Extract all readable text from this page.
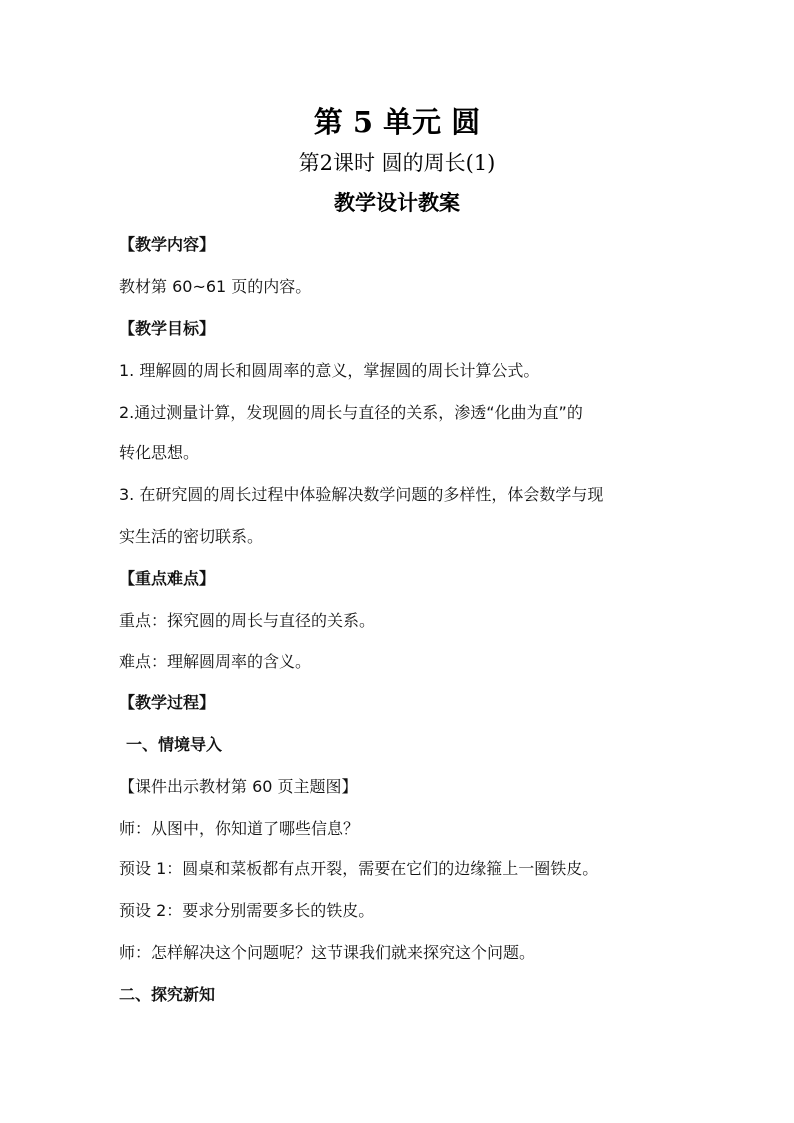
第 5 单元 圆
第2课时 圆的周长(1)
教学设计教案
【教学内容】
教材第 60~61 页的内容。
【教学目标】
1. 理解圆的周长和圆周率的意义，掌握圆的周长计算公式。
2.通过测量计算，发现圆的周长与直径的关系，渗透“化曲为直”的
转化思想。
3. 在研究圆的周长过程中体验解决数学问题的多样性，体会数学与现
实生活的密切联系。
【重点难点】
重点：探究圆的周长与直径的关系。
难点：理解圆周率的含义。
【教学过程】
一、情境导入
【课件出示教材第 60 页主题图】
师：从图中，你知道了哪些信息？
预设 1：圆桌和菜板都有点开裂，需要在它们的边缘箍上一圈铁皮。
预设 2：要求分别需要多长的铁皮。
师：怎样解决这个问题呢？这节课我们就来探究这个问题。
二、探究新知
